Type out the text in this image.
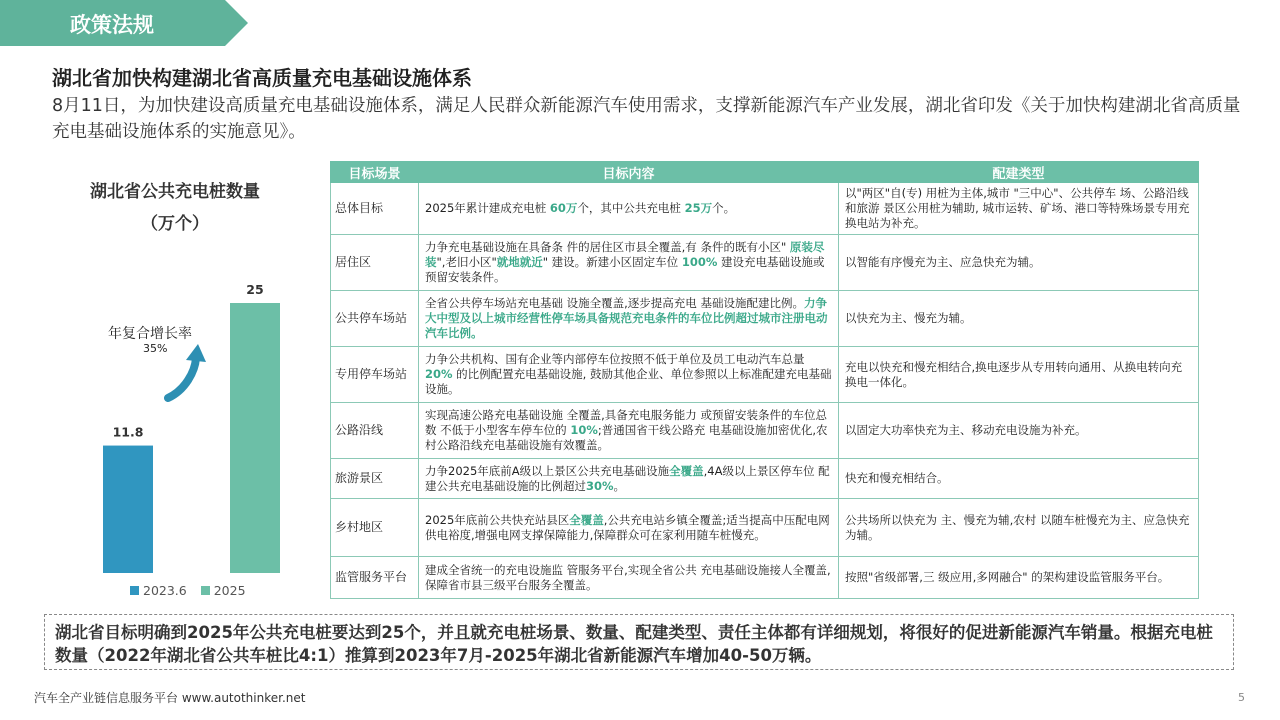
政策法规
湖北省加快构建湖北省高质量充电基础设施体系
8月11日，为加快建设高质量充电基础设施体系，满足人民群众新能源汽车使用需求，支撑新能源汽车产业发展，湖北省印发《关于加快构建湖北省高质量充电基础设施体系的实施意见》。
湖北省公共充电桩数量
（万个）
11.8
25
年复合增长率
35%
2023.6 2025
目标场景	目标内容	配建类型
总体目标	2025年累计建成充电桩 60万个，其中公共充电桩 25万个。	以"两区"自(专) 用桩为主体,城市 "三中心"、公共停车 场、公路沿线和旅游 景区公用桩为辅助, 城市运转、矿场、港口等特殊场景专用充 换电站为补充。
居住区	力争充电基础设施在具备条 件的居住区市县全覆盖,有 条件的既有小区" 原装尽装",老旧小区"就地就近" 建设。新建小区固定车位 100% 建设充电基础设施或 预留安装条件。	以智能有序慢充为主、应急快充为辅。
公共停车场站	全省公共停车场站充电基础 设施全覆盖,逐步提高充电 基础设施配建比例。力争大中型及以上城市经营性停车场具备规范充电条件的车位比例超过城市注册电动汽车比例。	以快充为主、慢充为辅。
专用停车场站	力争公共机构、国有企业等内部停车位按照不低于单位及员工电动汽车总量 20% 的比例配置充电基础设施, 鼓励其他企业、单位参照以上标准配建充电基础设施。	充电以快充和慢充相结合,换电逐步从专用转向通用、从换电转向充换电一体化。
公路沿线	实现高速公路充电基础设施 全覆盖,具备充电服务能力 或预留安装条件的车位总数 不低于小型客车停车位的 10%;普通国省干线公路充 电基础设施加密优化,农村公路沿线充电基础设施有效覆盖。	以固定大功率快充为主、移动充电设施为补充。
旅游景区	力争2025年底前A级以上景区公共充电基础设施全覆盖,4A级以上景区停车位 配建公共充电基础设施的比例超过30%。	快充和慢充相结合。
乡村地区	2025年底前公共快充站县区全覆盖,公共充电站乡镇全覆盖;适当提高中压配电网供电裕度,增强电网支撑保障能力,保障群众可在家利用随车桩慢充。	公共场所以快充为 主、慢充为辅,农村 以随车桩慢充为主、应急快充为辅。
监管服务平台	建成全省统一的充电设施监 管服务平台,实现全省公共 充电基础设施接人全覆盖, 保障省市县三级平台服务全覆盖。	按照"省级部署,三 级应用,多网融合" 的架构建设监管服务平台。
湖北省目标明确到2025年公共充电桩要达到25个，并且就充电桩场景、数量、配建类型、责任主体都有详细规划，将很好的促进新能源汽车销量。根据充电桩数量（2022年湖北省公共车桩比4:1）推算到2023年7月-2025年湖北省新能源汽车增加40-50万辆。
汽车全产业链信息服务平台 www.autothinker.net	5
